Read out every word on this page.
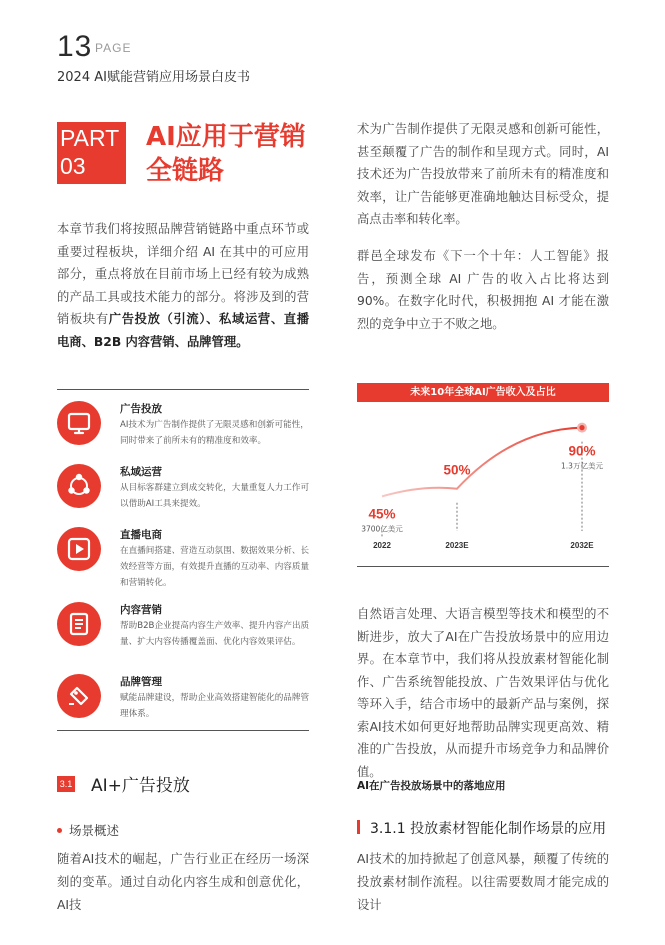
13 PAGE
2024 AI赋能营销应用场景白皮书
PART
03
AI应用于营销
全链路
本章节我们将按照品牌营销链路中重点环节或重要过程板块，详细介绍 AI 在其中的可应用部分，重点将放在目前市场上已经有较为成熟的产品工具或技术能力的部分。将涉及到的营销板块有广告投放（引流）、私域运营、直播电商、B2B 内容营销、品牌管理。
广告投放
AI技术为广告制作提供了无限灵感和创新可能性，同时带来了前所未有的精准度和效率。
私域运营
从目标客群建立到成交转化，大量重复人力工作可以借助AI工具来提效。
直播电商
在直播间搭建、营造互动氛围、数据效果分析、长效经营等方面，有效提升直播的互动率、内容质量和营销转化。
内容营销
帮助B2B企业提高内容生产效率、提升内容产出质量、扩大内容传播覆盖面、优化内容效果评估。
品牌管理
赋能品牌建设，帮助企业高效搭建智能化的品牌管理体系。
3.1 AI+广告投放
场景概述
随着AI技术的崛起，广告行业正在经历一场深刻的变革。通过自动化内容生成和创意优化，AI技
术为广告制作提供了无限灵感和创新可能性，甚至颠覆了广告的制作和呈现方式。同时，AI 技术还为广告投放带来了前所未有的精准度和效率，让广告能够更准确地触达目标受众，提高点击率和转化率。
群邑全球发布《下一个十年：人工智能》报告，预测全球 AI 广告的收入占比将达到 90%。在数字化时代，积极拥抱 AI 才能在激烈的竞争中立于不败之地。
未来10年全球AI广告收入及占比
45%
3700亿美元
2022
50%
2023E
90%
1.3万亿美元
2032E
自然语言处理、大语言模型等技术和模型的不断进步，放大了AI在广告投放场景中的应用边界。在本章节中，我们将从投放素材智能化制作、广告系统智能投放、广告效果评估与优化等环入手，结合市场中的最新产品与案例，探索AI技术如何更好地帮助品牌实现更高效、精准的广告投放，从而提升市场竞争力和品牌价值。
AI在广告投放场景中的落地应用
3.1.1 投放素材智能化制作场景的应用
AI技术的加持掀起了创意风暴，颠覆了传统的投放素材制作流程。以往需要数周才能完成的设计
